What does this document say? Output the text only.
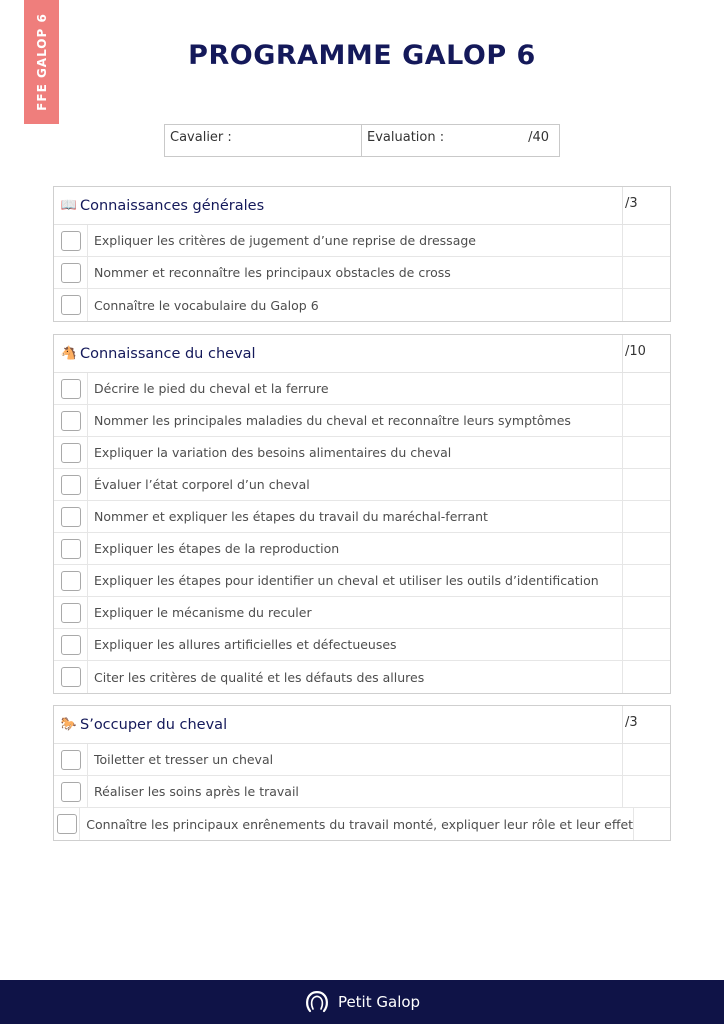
FFE GALOP 6	PROGRAMME GALOP 6
Cavalier :	Evaluation :	/40
📖 Connaissances générales	/3
Expliquer les critères de jugement d’une reprise de dressage
Nommer et reconnaître les principaux obstacles de cross
Connaître le vocabulaire du Galop 6
🐴 Connaissance du cheval	/10
Décrire le pied du cheval et la ferrure
Nommer les principales maladies du cheval et reconnaître leurs symptômes
Expliquer la variation des besoins alimentaires du cheval
Évaluer l’état corporel d’un cheval
Nommer et expliquer les étapes du travail du maréchal-ferrant
Expliquer les étapes de la reproduction
Expliquer les étapes pour identifier un cheval et utiliser les outils d’identification
Expliquer le mécanisme du reculer
Expliquer les allures artificielles et défectueuses
Citer les critères de qualité et les défauts des allures
🐎 S’occuper du cheval	/3
Toiletter et tresser un cheval
Réaliser les soins après le travail
Connaître les principaux enrênements du travail monté, expliquer leur rôle et leur effet
Petit Galop
